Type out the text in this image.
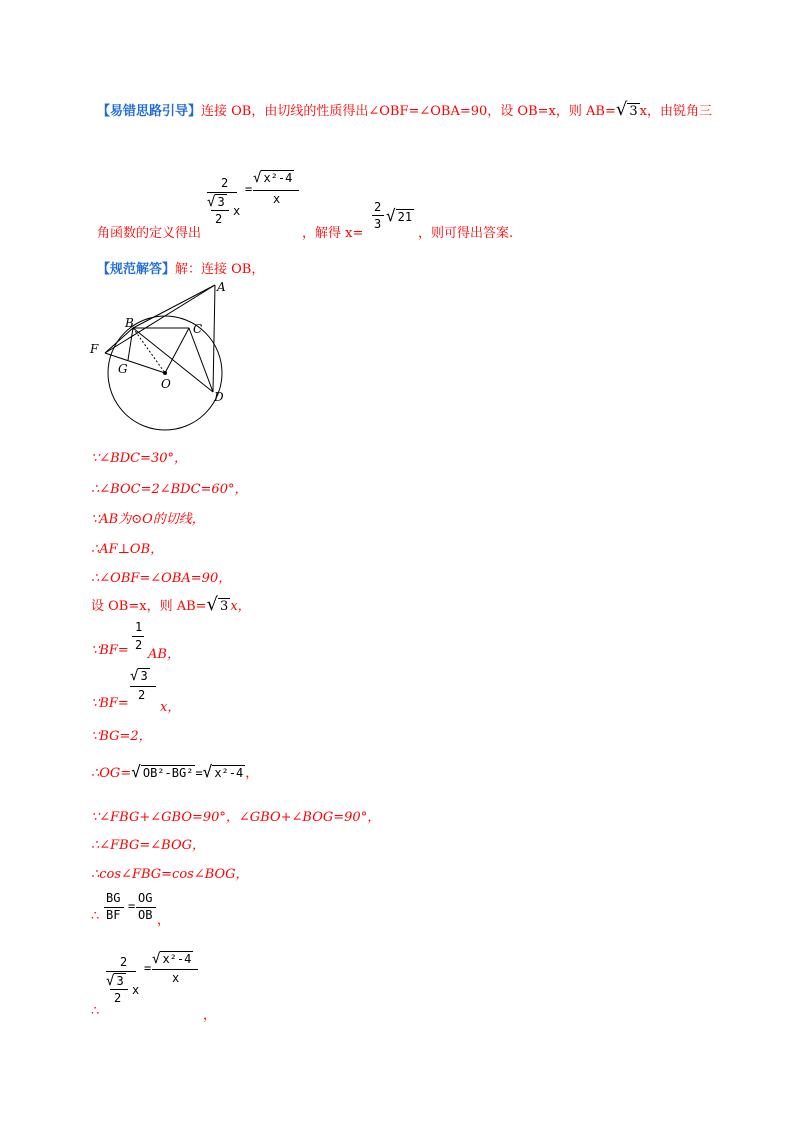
【易错思路引导】连接 OB，由切线的性质得出∠OBF=∠OBA=90，设 OB=x，则 AB=√ 3 x，由锐角三
2
√ 3
2
x
=
√ x²-4
x
角函数的定义得出	，解得 x=
2
3 √ 21
，则可得出答案.
【规范解答】解：连接 OB，
A
B	C
D
F
G
O
∵∠BDC=30°，
∴∠BOC=2∠BDC=60°，
∵AB为⊙O的切线，
∴AF⊥OB，
∴∠OBF=∠OBA=90，
设 OB=x，则 AB=√ 3 x，
∵BF=
1
2
AB，
∵BF=
√ 3
2
x，
∵BG=2，
∴OG=√ OB²-BG² =√ x²-4 ，
∵∠FBG+∠GBO=90°，∠GBO+∠BOG=90°，
∴∠FBG=∠BOG，
∴cos∠FBG=cos∠BOG，
BG
BF
=
OG
OB
∴	，
2
√ 3
2
x
=
√ x²-4
x
∴	，
